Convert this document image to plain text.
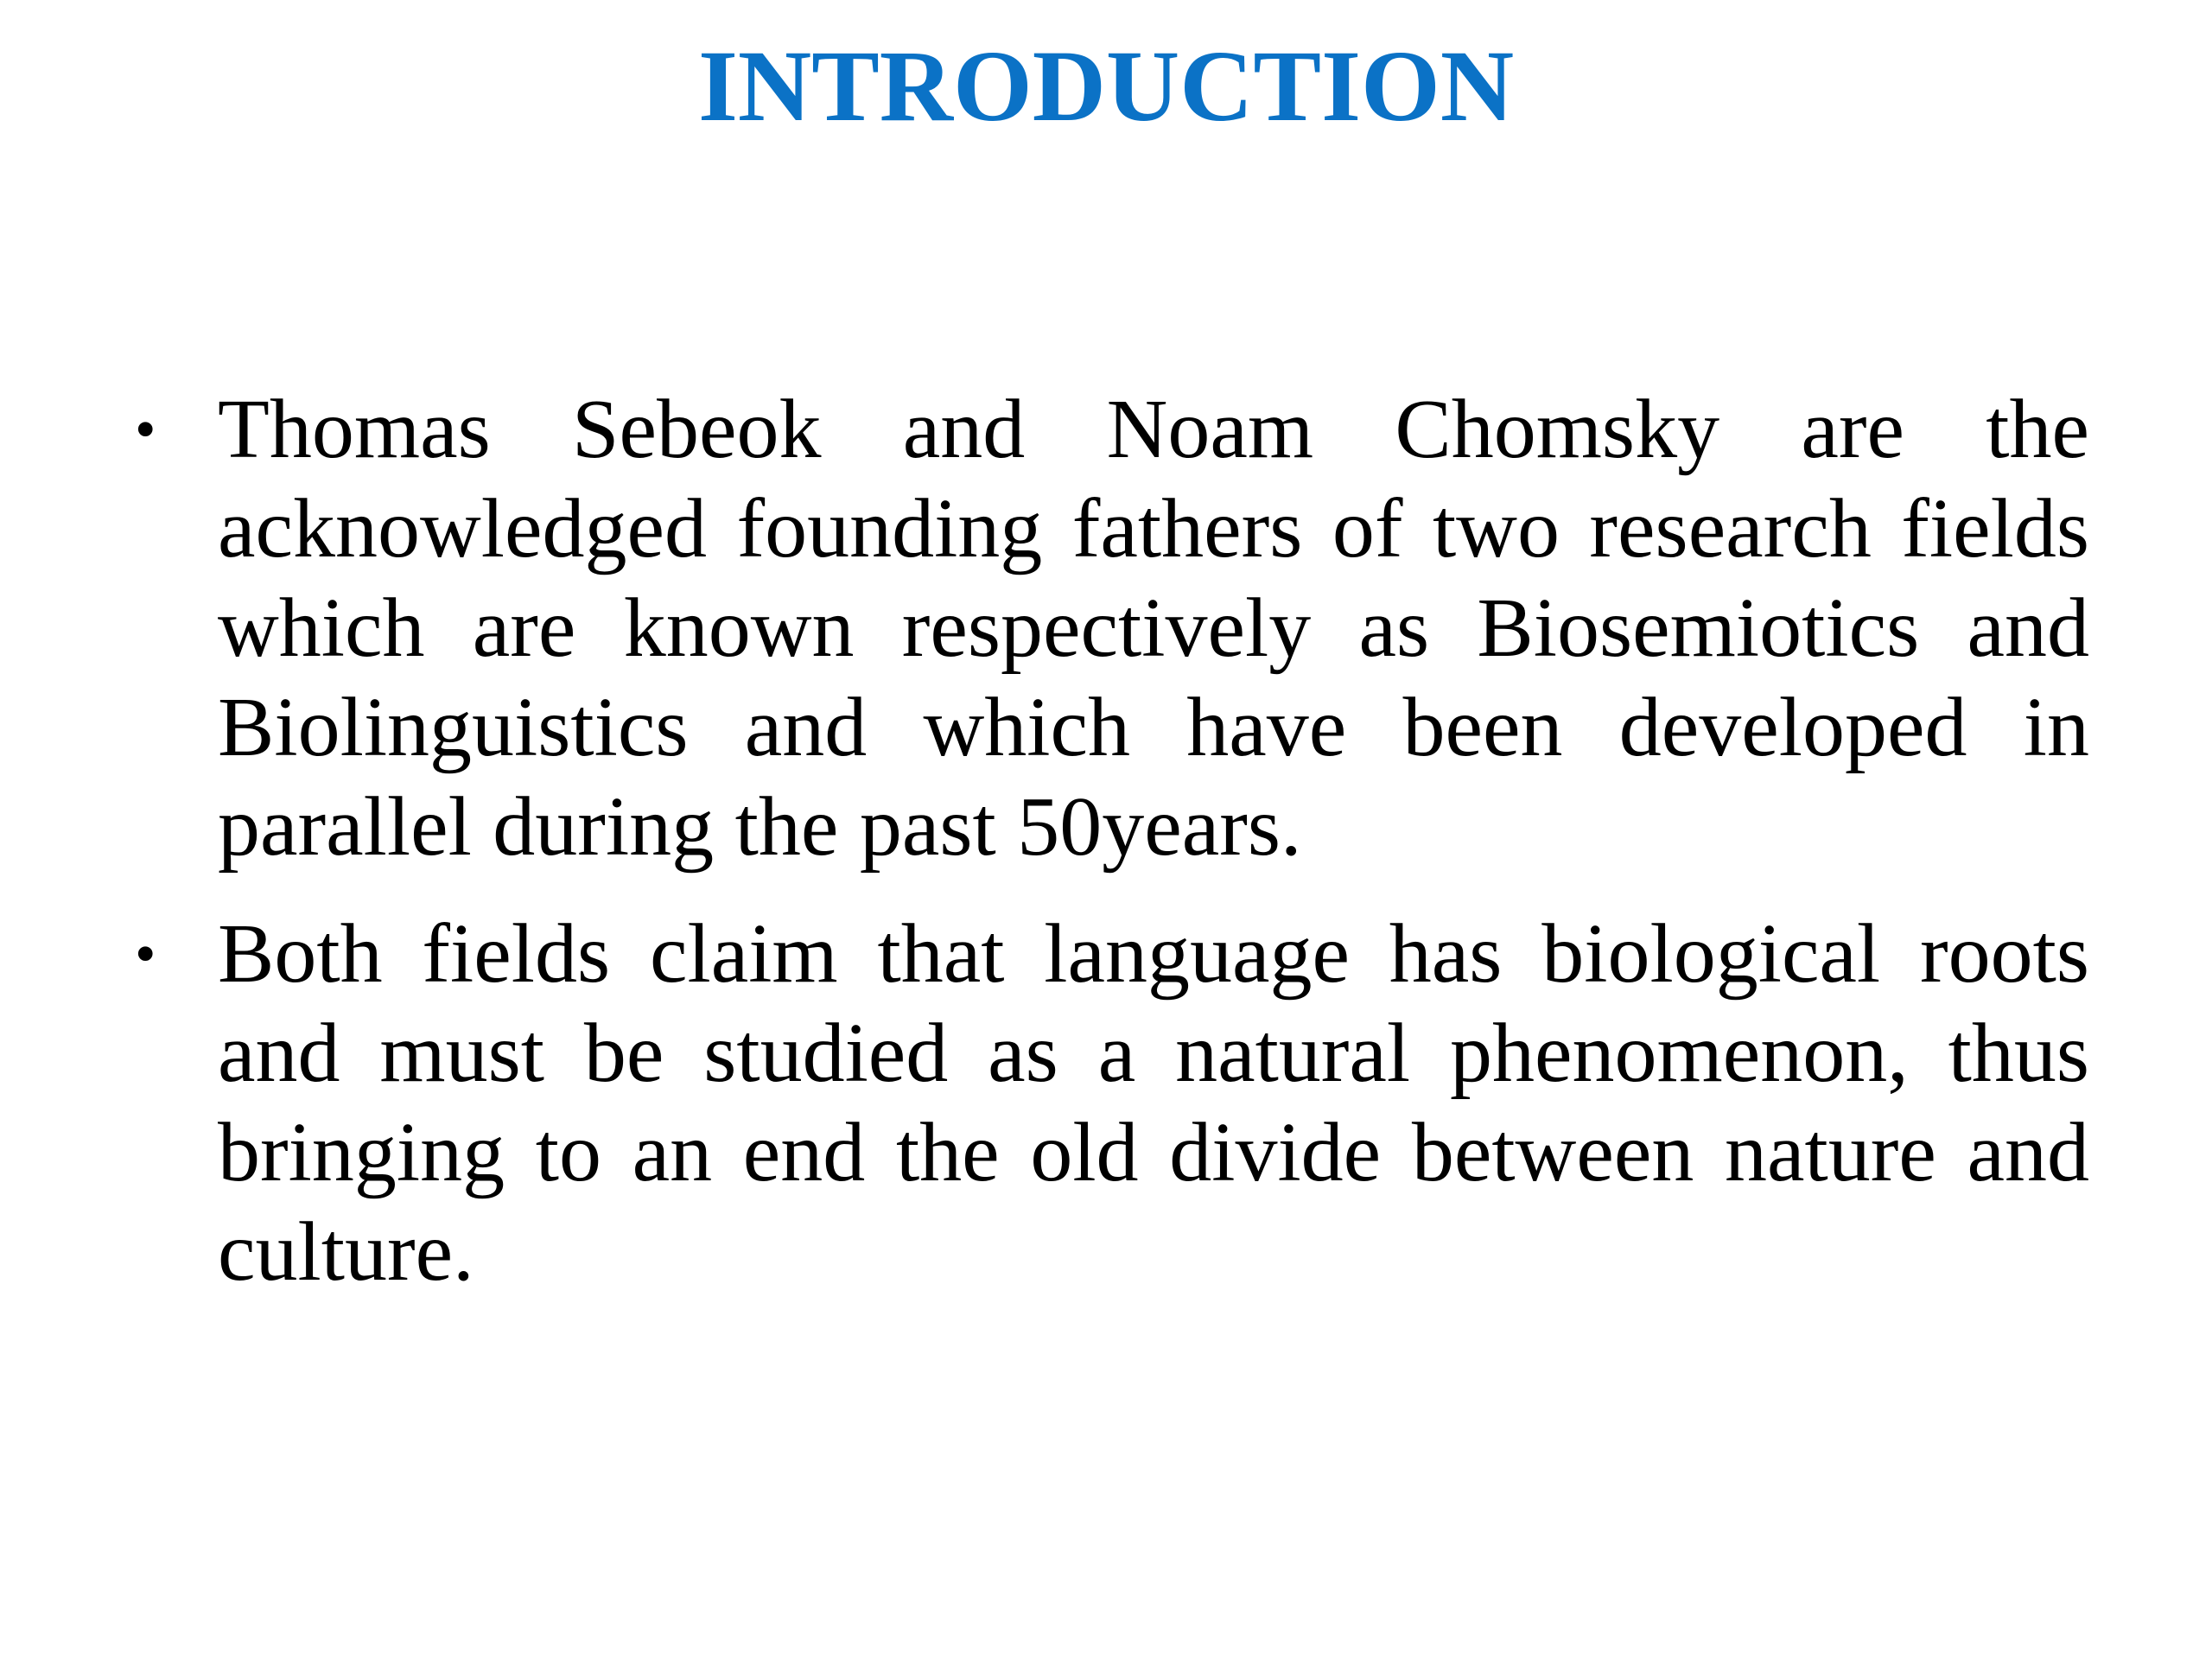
INTRODUCTION
• Thomas Sebeok and Noam Chomsky are the acknowledged founding fathers of two research fields which are known respectively as Biosemiotics and Biolinguistics and which have been developed in parallel during the past 50years.
• Both fields claim that language has biological roots and must be studied as a natural phenomenon, thus bringing to an end the old divide between nature and culture.
